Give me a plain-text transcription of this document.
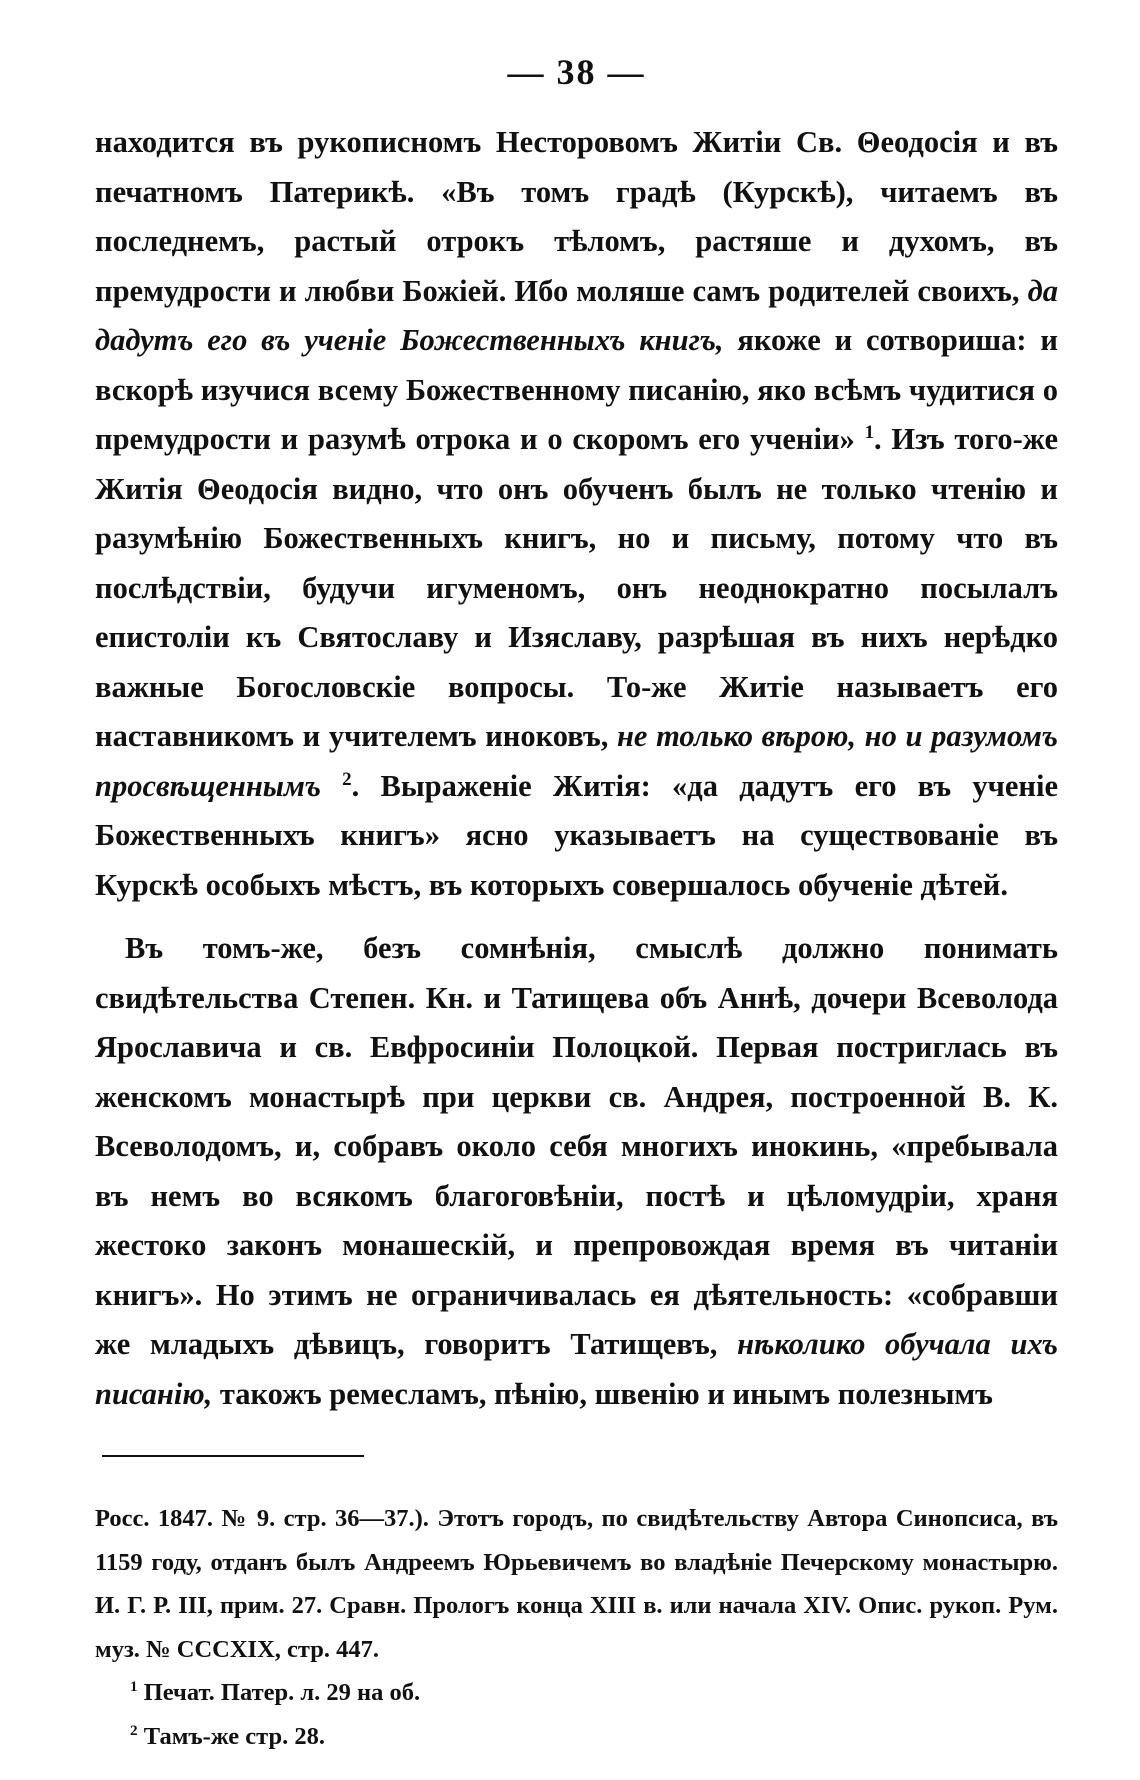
— 38 —

находится въ рукописномъ Несторовомъ Житіи Св. Θеодосія и въ печатномъ Патерикѣ. «Въ томъ градѣ (Курскѣ), читаемъ въ последнемъ, растый отрокъ тѣломъ, растяше и духомъ, въ премудрости и любви Божіей. Ибо моляше самъ родителей своихъ, да дадутъ его въ ученіе Божественныхъ книгъ, якоже и сотвориша: и вскорѣ изучися всему Божественному писанію, яко всѣмъ чудитися о премудрости и разумѣ отрока и о скоромъ его ученіи» $^1$. Изъ того-же Житія Θеодосія видно, что онъ обученъ былъ не только чтенію и разумѣнію Божественныхъ книгъ, но и письму, потому что въ послѣдствіи, будучи игуменомъ, онъ неоднократно посылалъ епистоліи къ Святославу и Изяславу, разрѣшая въ нихъ нерѣдко важные Богословскіе вопросы. То-же Житіе называетъ его наставникомъ и учителемъ иноковъ, не только вѣрою, но и разумомъ просвѣщеннымъ $^2$. Выраженіе Житія: «да дадутъ его въ ученіе Божественныхъ книгъ» ясно указываетъ на существованіе въ Курскѣ особыхъ мѣстъ, въ которыхъ совершалось обученіе дѣтей.

Въ томъ-же, безъ сомнѣнія, смыслѣ должно понимать свидѣтельства Степен. Кн. и Татищева объ Аннѣ, дочери Всеволода Ярославича и св. Евфросиніи Полоцкой. Первая постриглась въ женскомъ монастырѣ при церкви св. Андрея, построенной В. К. Всеволодомъ, и, собравъ около себя многихъ инокинь, «пребывала въ немъ во всякомъ благоговѣніи, постѣ и цѣломудріи, храня жестоко законъ монашескій, и препровождая время въ читаніи книгъ». Но этимъ не ограничивалась ея дѣятельность: «собравши же младыхъ дѣвицъ, говоритъ Татищевъ, нѣколико обучала ихъ писанію, такожъ ремесламъ, пѣнію, швенію и инымъ полезнымъ

Росс. 1847. № 9. стр. 36—37.). Этотъ городъ, по свидѣтельству Автора Синопсиса, въ 1159 году, отданъ былъ Андреемъ Юрьевичемъ во владѣніе Печерскому монастырю. И. Г. Р. III, прим. 27. Сравн. Прологъ конца XIII в. или начала XIV. Опис. рукоп. Рум. муз. № CCCXIX, стр. 447.

$^1$ Печат. Патер. л. 29 на об.

$^2$ Тамъ-же стр. 28.
